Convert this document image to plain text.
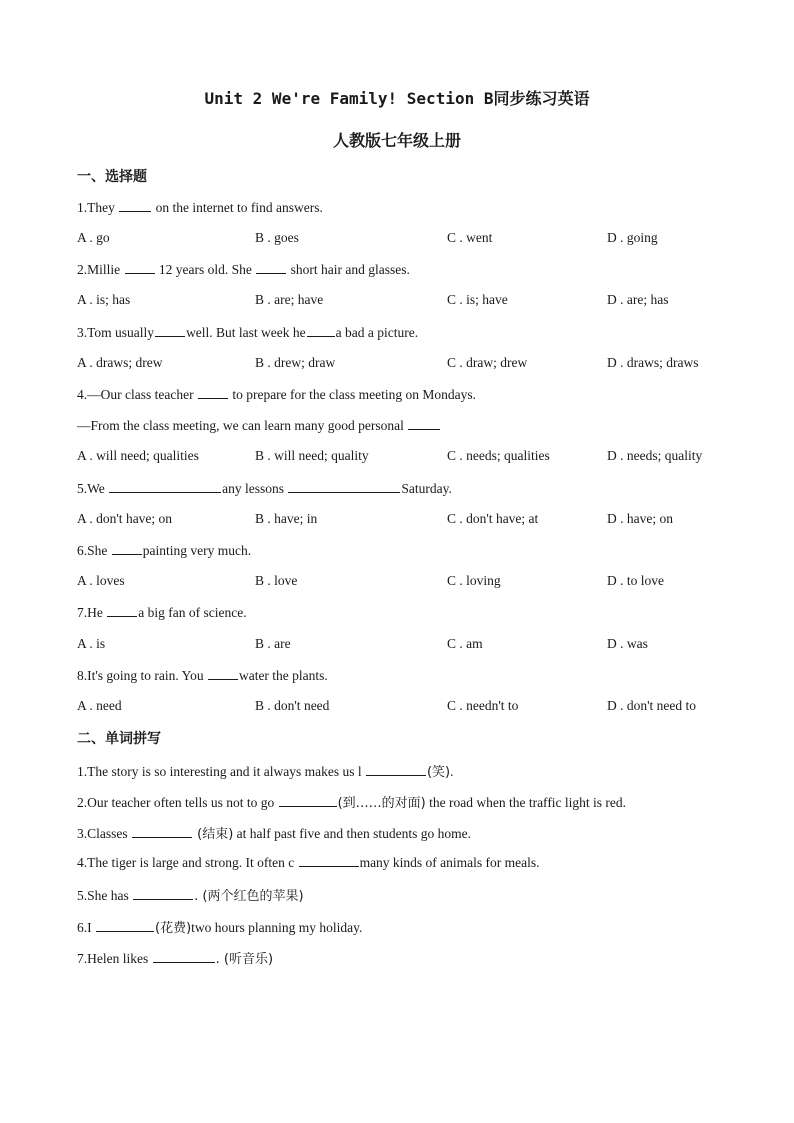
Unit 2 We're Family! Section B同步练习英语
人教版七年级上册
一、选择题
1.They	on the internet to find answers.
A . go	B . goes	C . went	D . going
2.Millie  12 years old. She  short hair and glasses.
A . is; has	B . are; have	C . is; have	D . are; has
3.Tom usually well. But last week he a bad a picture.
A . draws; drew	B . drew; draw	C . draw; drew	D . draws; draws
4.—Our class teacher  to prepare for the class meeting on Mondays.
—From the class meeting, we can learn many good personal
A . will need; qualities	B . will need; quality	C . needs; qualities	D . needs; quality
5.We	any lessons	Saturday.
A . don't have; on	B . have; in	C . don't have; at	D . have; on
6.She painting very much.
A . loves	B . love	C . loving	D . to love
7.He a big fan of science.
A . is	B . are	C . am	D . was
8.It's going to rain. You water the plants.
A . need	B . don't need	C . needn't to	D . don't need to
二、单词拼写
1.The story is so interesting and it always makes us l	(笑).
2.Our teacher often tells us not to go	(到……的对面) the road when the traffic light is red.
3.Classes	(结束) at half past five and then students go home.
4.The tiger is large and strong. It often c	many kinds of animals for meals.
5.She has	. (两个红色的苹果)
6.I	(花费)two hours planning my holiday.
7.Helen likes	. (听音乐)
